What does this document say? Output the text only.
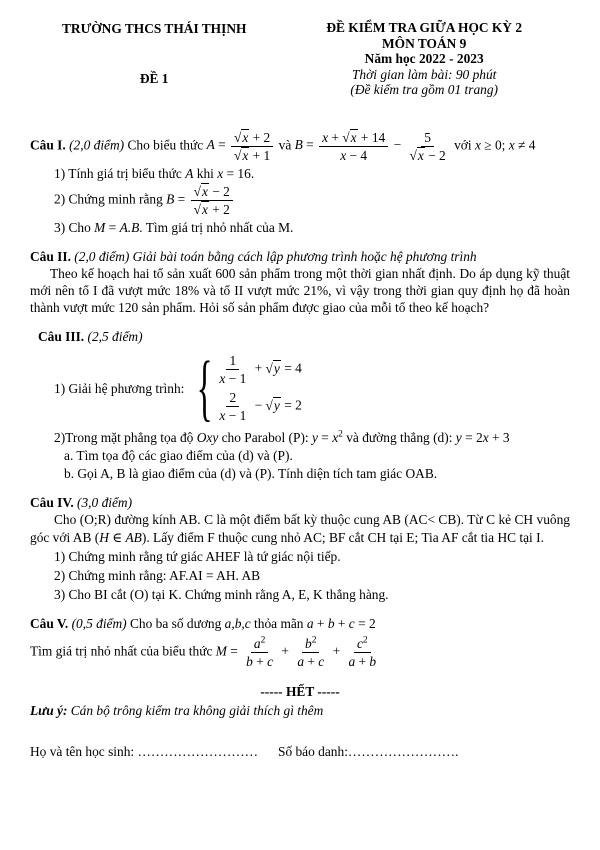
TRƯỜNG THCS THÁI THỊNH
ĐỀ 1
ĐỀ KIỂM TRA GIỮA HỌC KỲ 2
MÔN TOÁN 9
Năm học 2022 - 2023
Thời gian làm bài: 90 phút
(Đề kiểm tra gồm 01 trang)
Câu I. (2,0 điểm) Cho biểu thức A = √ x + 2
√ x + 1 và $B = \frac{x + √ x + 14}{x - 4} - 5$
√ x − 2 với x ≥ 0; x ≠ 4
1) Tính giá trị biểu thức A khi x = 16.
2) Chứng minh rằng B = √ x − 2
√ x + 2
3) Cho M = A.B. Tìm giá trị nhỏ nhất của M.
Câu II. (2,0 điểm) Giải bài toán bằng cách lập phương trình hoặc hệ phương trình

Theo kế hoạch hai tổ sản xuất 600 sản phẩm trong một thời gian nhất định. Do áp dụng kỹ thuật mới nên tổ I đã vượt mức 18% và tổ II vượt mức 21%, vì vậy trong thời gian quy định họ đã hoàn thành vượt mức 120 sản phẩm. Hỏi số sản phẩm được giao của mỗi tổ theo kế hoạch?

Câu III. (2,5 điểm)
1) Giải hệ phương trình: { $\frac{1}{x - 1}$ + √ y = 4
$\frac{2}{x - 1}$ − √ y = 2
2)Trong mặt phẳng tọa độ Oxy cho Parabol (P): $y = x^2$ và đường thẳng (d): y = 2x + 3
a. Tìm tọa độ các giao điểm của (d) và (P).
b. Gọi A, B là giao điểm của (d) và (P). Tính diện tích tam giác OAB.
Câu IV. (3,0 điểm)

Cho (O;R) đường kính AB. C là một điểm bất kỳ thuộc cung AB (AC< CB). Từ C kẻ CH vuông góc với AB (H ∈ AB). Lấy điểm F thuộc cung nhỏ AC; BF cắt CH tại E; Tia AF cắt tia HC tại I.

1) Chứng minh rằng tứ giác AHEF là tứ giác nội tiếp.
2) Chứng minh rằng: AF.AI = AH. AB
3) Cho BI cắt (O) tại K. Chứng minh rằng A, E, K thẳng hàng.
Câu V. (0,5 điểm) Cho ba số dương a,b,c thỏa mãn a + b + c = 2
Tìm giá trị nhỏ nhất của biểu thức $M = \frac{a^2}{b + c} + \frac{b^2}{a + c} + \frac{c^2}{a + b}$
----- HẾT -----
Lưu ý: Cán bộ trông kiểm tra không giải thích gì thêm
Họ và tên học sinh: ……………………… Số báo danh:…………………….
